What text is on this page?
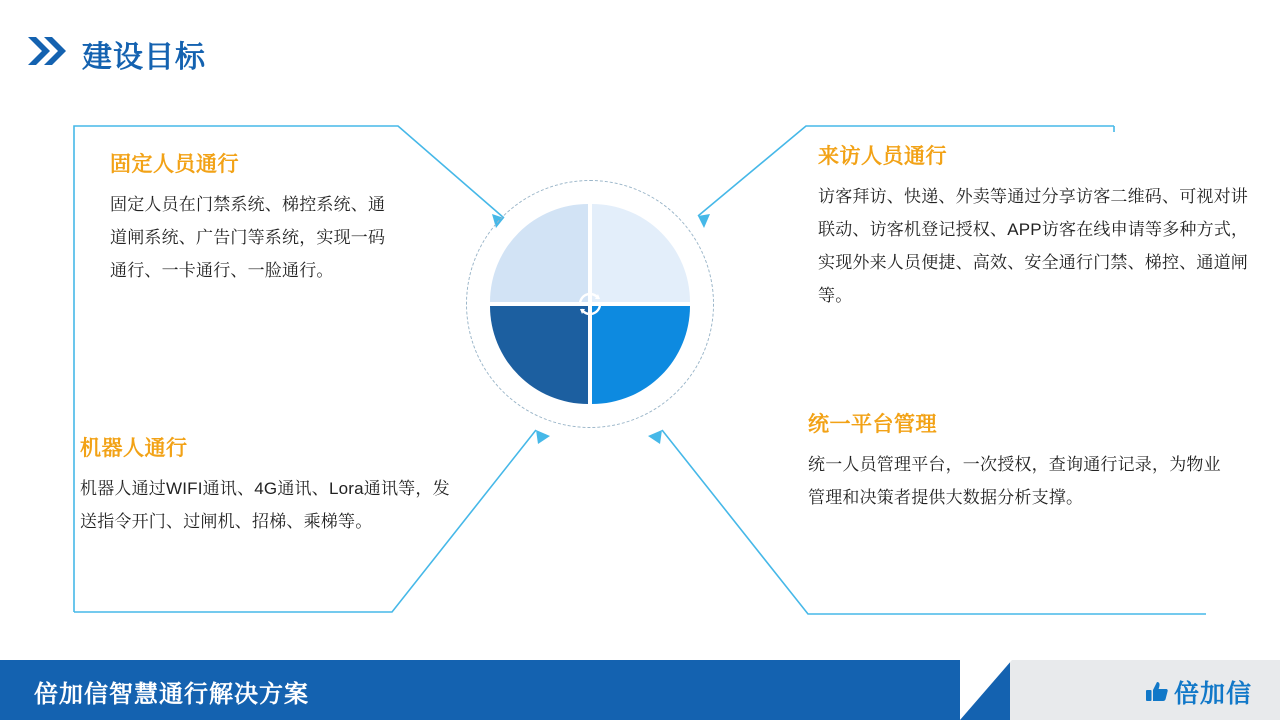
建设目标
固定人员通行
固定人员在门禁系统、梯控系统、通道闸系统、广告门等系统，实现一码通行、一卡通行、一脸通行。
来访人员通行
访客拜访、快递、外卖等通过分享访客二维码、可视对讲联动、访客机登记授权、APP访客在线申请等多种方式，实现外来人员便捷、高效、安全通行门禁、梯控、通道闸等。
机器人通行
机器人通过WIFI通讯、4G通讯、Lora通讯等，发送指令开门、过闸机、招梯、乘梯等。
统一平台管理
统一人员管理平台，一次授权，查询通行记录，为物业管理和决策者提供大数据分析支撑。
倍加信智慧通行解决方案	倍加信
